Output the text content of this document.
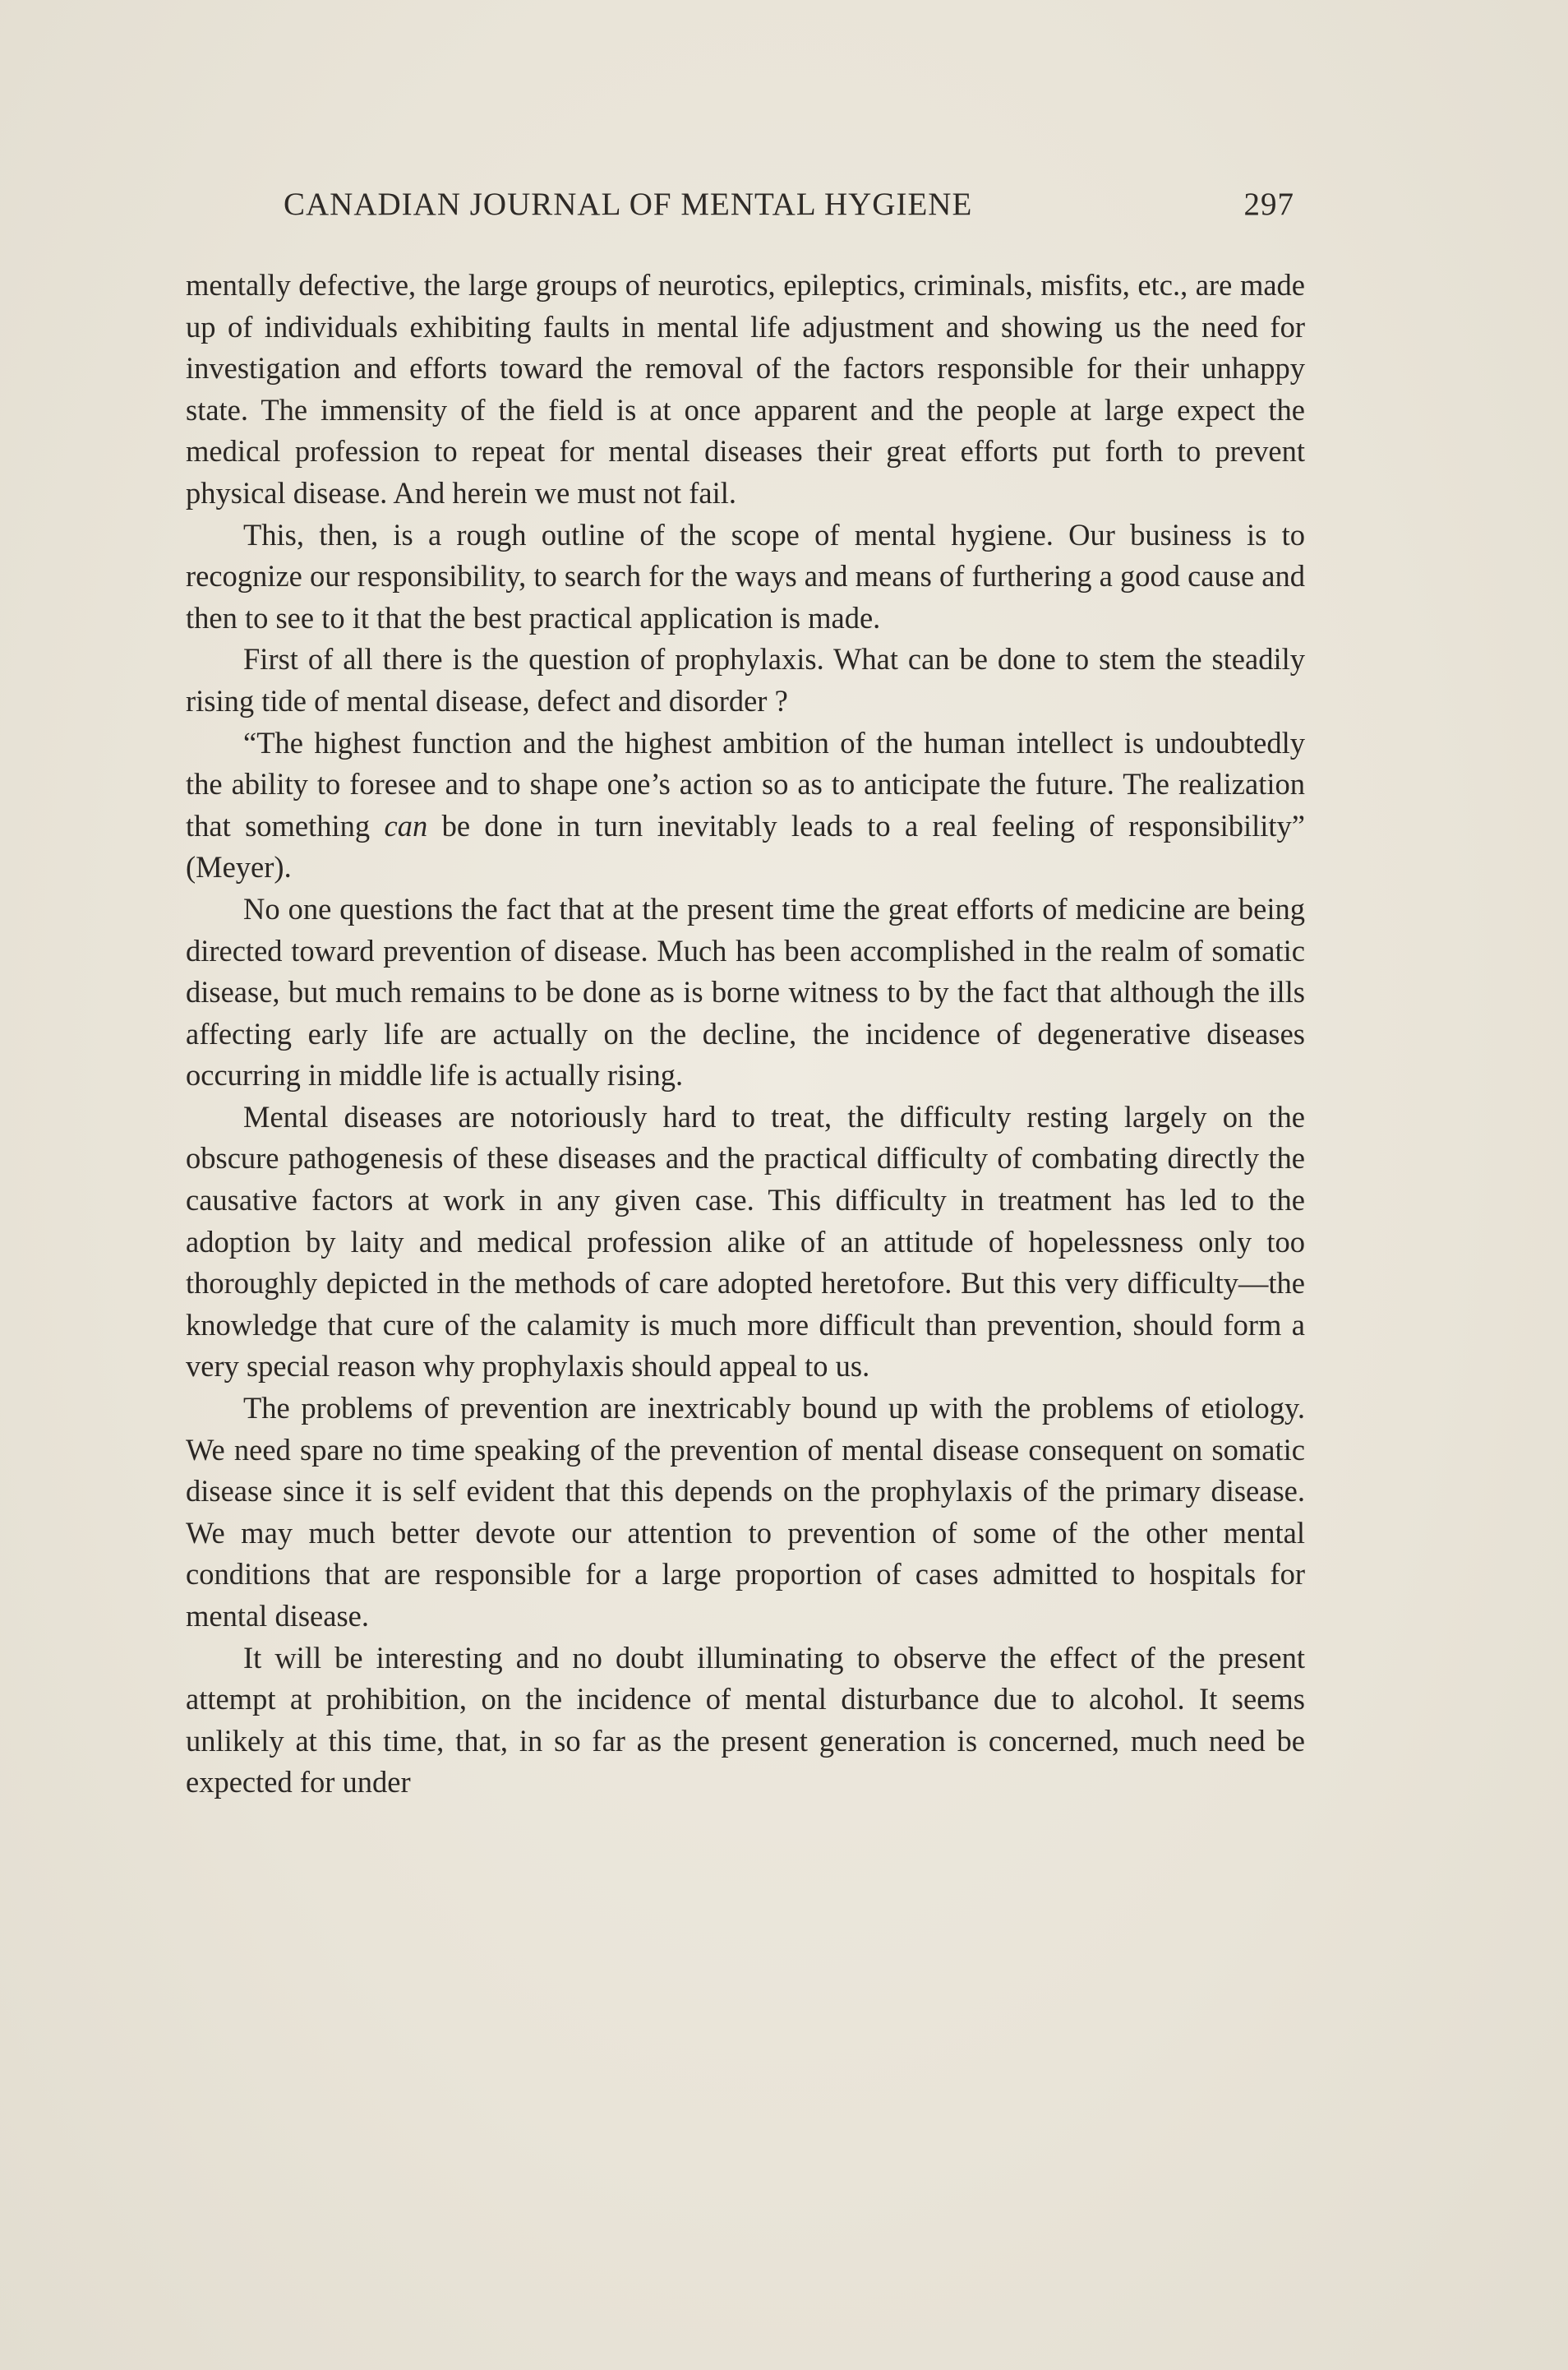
CANADIAN JOURNAL OF MENTAL HYGIENE	297

mentally defective, the large groups of neurotics, epileptics, criminals, misfits, etc., are made up of individuals exhibiting faults in mental life adjustment and showing us the need for investigation and efforts toward the removal of the factors responsible for their unhappy state. The immensity of the field is at once apparent and the people at large expect the medical profession to repeat for mental diseases their great efforts put forth to prevent physical disease. And herein we must not fail.

This, then, is a rough outline of the scope of mental hygiene. Our business is to recognize our responsibility, to search for the ways and means of furthering a good cause and then to see to it that the best practical application is made.

First of all there is the question of prophylaxis. What can be done to stem the steadily rising tide of mental disease, defect and disorder ?

“The highest function and the highest ambition of the human intellect is undoubtedly the ability to foresee and to shape one’s action so as to anticipate the future. The realization that something can be done in turn inevitably leads to a real feeling of responsibility” (Meyer).

No one questions the fact that at the present time the great efforts of medicine are being directed toward prevention of disease. Much has been accomplished in the realm of somatic disease, but much remains to be done as is borne witness to by the fact that although the ills affecting early life are actually on the decline, the incidence of degenerative diseases occurring in middle life is actually rising.

Mental diseases are notoriously hard to treat, the difficulty resting largely on the obscure pathogenesis of these diseases and the practical difficulty of combating directly the causative factors at work in any given case. This difficulty in treatment has led to the adoption by laity and medical profession alike of an attitude of hopelessness only too thoroughly depicted in the methods of care adopted heretofore. But this very difficulty—the knowledge that cure of the calamity is much more difficult than prevention, should form a very special reason why prophylaxis should appeal to us.

The problems of prevention are inextricably bound up with the problems of etiology. We need spare no time speaking of the prevention of mental disease consequent on somatic disease since it is self evident that this depends on the prophylaxis of the primary disease. We may much better devote our attention to prevention of some of the other mental conditions that are responsible for a large proportion of cases admitted to hospitals for mental disease.

It will be interesting and no doubt illuminating to observe the effect of the present attempt at prohibition, on the incidence of mental disturbance due to alcohol. It seems unlikely at this time, that, in so far as the present generation is concerned, much need be expected for under
